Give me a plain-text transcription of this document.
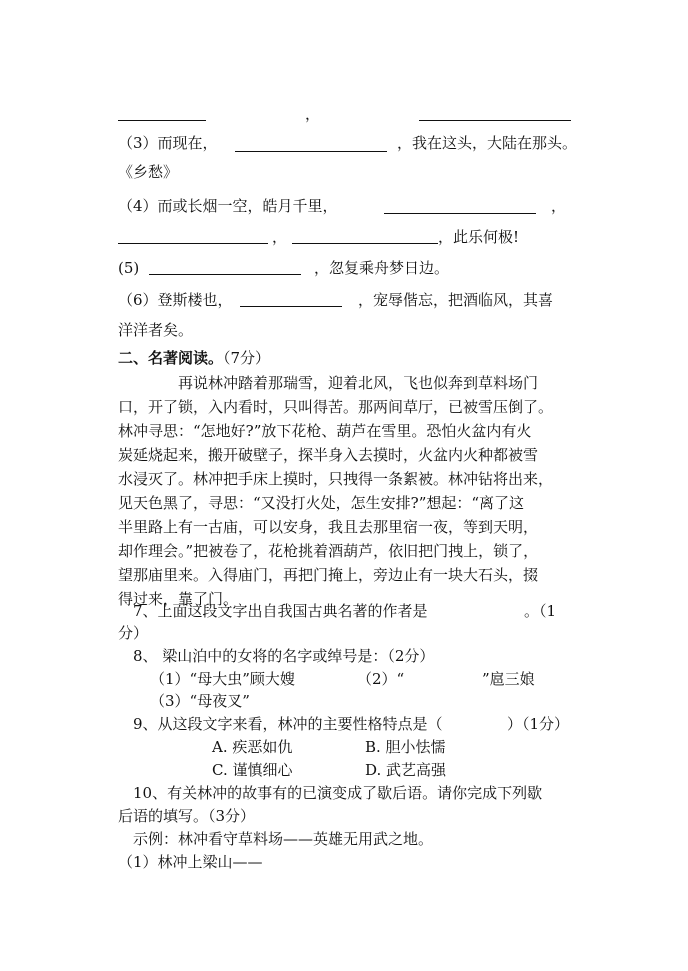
，
（3）而现在，	，我在这头，大陆在那头。
《乡愁》
（4）而或长烟一空，皓月千里，	，
，	，此乐何极!
(5)	，忽复乘舟梦日边。
（6）登斯楼也，	，宠辱偕忘，把酒临风，其喜
洋洋者矣。
二、名著阅读。（7分）
再说林冲踏着那瑞雪，迎着北风，飞也似奔到草料场门
口，开了锁，入内看时，只叫得苦。那两间草厅，已被雪压倒了。
林冲寻思：“怎地好?”放下花枪、葫芦在雪里。恐怕火盆内有火
炭延烧起来，搬开破壁子，探半身入去摸时，火盆内火种都被雪
水浸灭了。林冲把手床上摸时，只拽得一条絮被。林冲钻将出来，
见天色黑了，寻思：“又没打火处，怎生安排?”想起：“离了这
半里路上有一古庙，可以安身，我且去那里宿一夜，等到天明，
却作理会。”把被卷了，花枪挑着酒葫芦，依旧把门拽上，锁了，
望那庙里来。入得庙门，再把门掩上，旁边止有一块大石头，掇
得过来，靠了门。
7、上面这段文字出自我国古典名著的作者是	。（1
分）
8、 梁山泊中的女将的名字或绰号是：（2分）
（1）“母大虫”顾大嫂	（2）“	”扈三娘
（3）“母夜叉”
9、从这段文字来看，林冲的主要性格特点是（	）（1分）
A. 疾恶如仇	B. 胆小怯懦
C. 谨慎细心	D. 武艺高强
10、有关林冲的故事有的已演变成了歇后语。请你完成下列歇
后语的填写。（3分）
示例：林冲看守草料场——英雄无用武之地。
（1）林冲上梁山——
